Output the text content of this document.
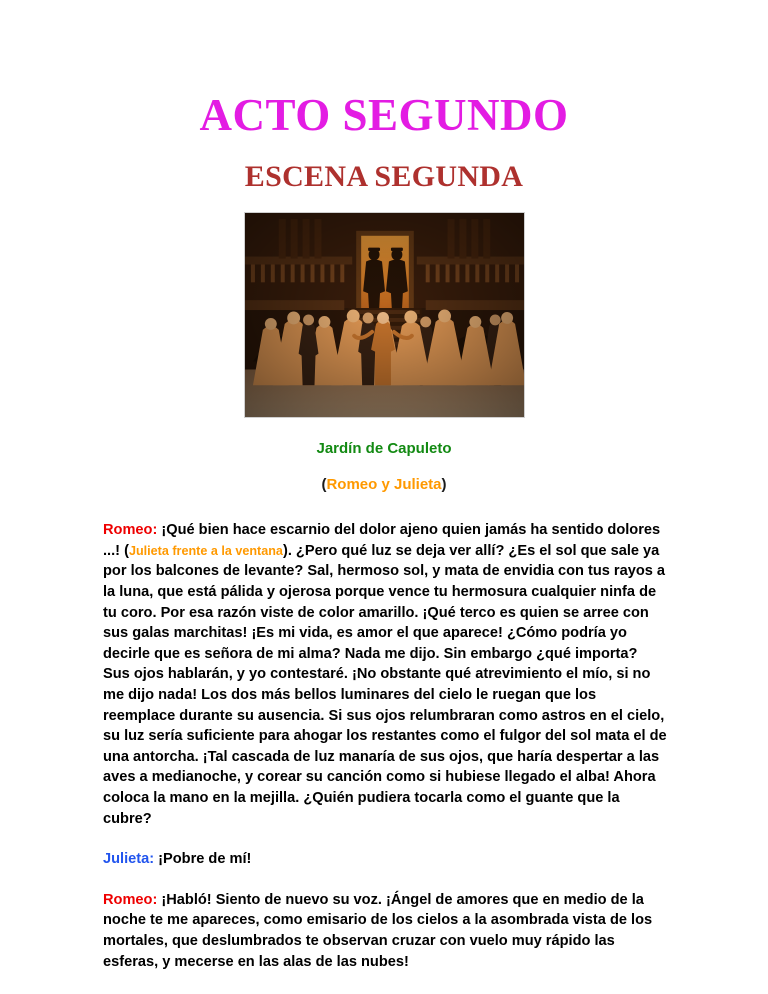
ACTO SEGUNDO
ESCENA SEGUNDA

Jardín de Capuleto

(Romeo y Julieta)

Romeo: ¡Qué bien hace escarnio del dolor ajeno quien jamás ha sentido dolores ...! (Julieta frente a la ventana). ¿Pero qué luz se deja ver allí? ¿Es el sol que sale ya por los balcones de levante? Sal, hermoso sol, y mata de envidia con tus rayos a la luna, que está pálida y ojerosa porque vence tu hermosura cualquier ninfa de tu coro. Por esa razón viste de color amarillo. ¡Qué terco es quien se arree con sus galas marchitas! ¡Es mi vida, es amor el que aparece! ¿Cómo podría yo decirle que es señora de mi alma? Nada me dijo. Sin embargo ¿qué importa? Sus ojos hablarán, y yo contestaré. ¡No obstante qué atrevimiento el mío, si no me dijo nada! Los dos más bellos luminares del cielo le ruegan que los reemplace durante su ausencia. Si sus ojos relumbraran como astros en el cielo, su luz sería suficiente para ahogar los restantes como el fulgor del sol mata el de una antorcha. ¡Tal cascada de luz manaría de sus ojos, que haría despertar a las aves a medianoche, y corear su canción como si hubiese llegado el alba! Ahora coloca la mano en la mejilla. ¿Quién pudiera tocarla como el guante que la cubre?

Julieta: ¡Pobre de mí!

Romeo: ¡Habló! Siento de nuevo su voz. ¡Ángel de amores que en medio de la noche te me apareces, como emisario de los cielos a la asombrada vista de los mortales, que deslumbrados te observan cruzar con vuelo muy rápido las esferas, y mecerse en las alas de las nubes!
